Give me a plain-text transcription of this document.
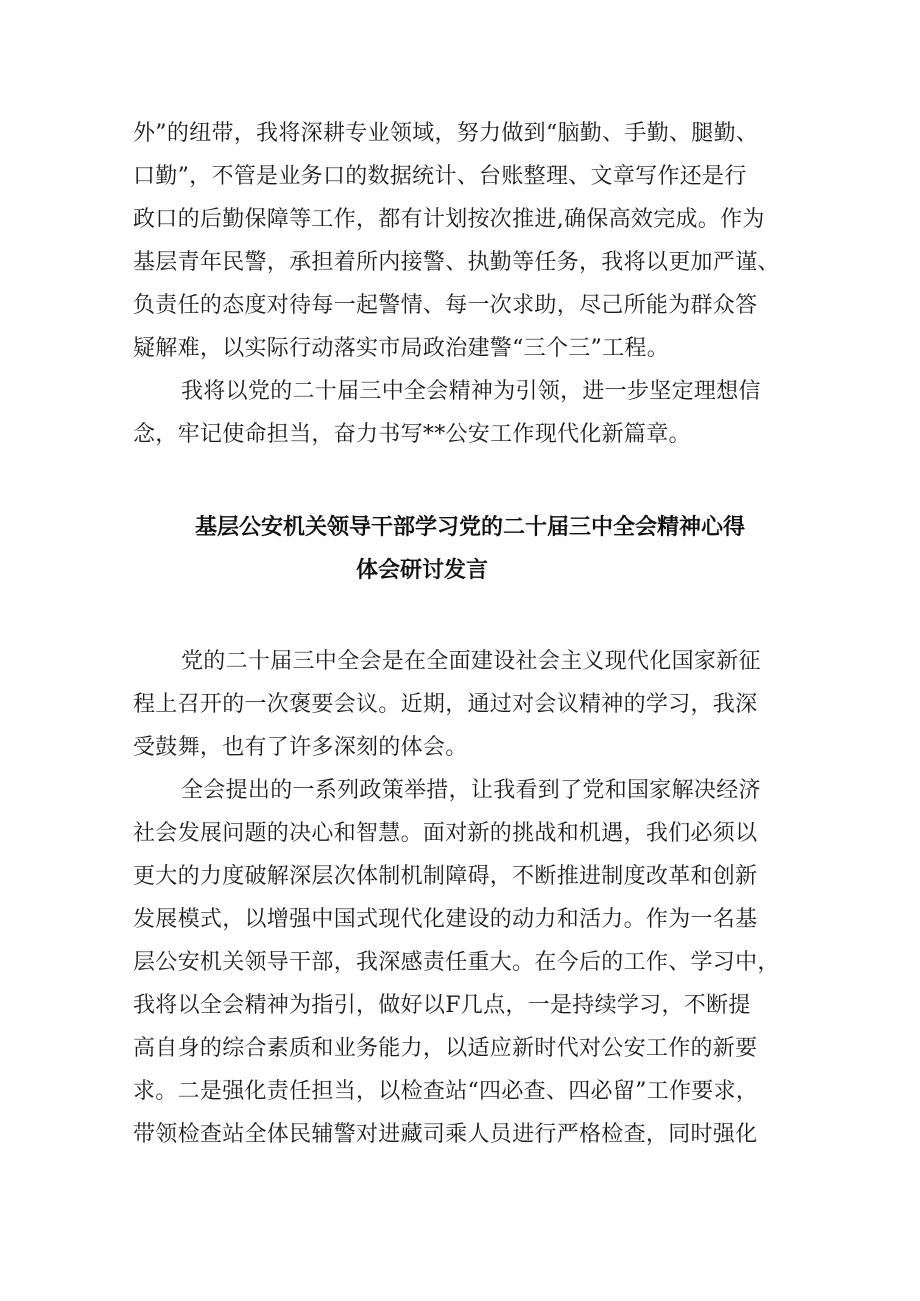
外”的纽带，我将深耕专业领域，努力做到“脑勤、手勤、腿勤、
口勤”，不管是业务口的数据统计、台账整理、文章写作还是行
政口的后勤保障等工作，都有计划按次推进,确保高效完成。作为
基层青年民警，承担着所内接警、执勤等任务，我将以更加严谨、
负责任的态度对待每一起警情、每一次求助，尽己所能为群众答
疑解难，以实际行动落实市局政治建警“三个三”工程。
我将以党的二十届三中全会精神为引领，进一步坚定理想信
念，牢记使命担当，奋力书写**公安工作现代化新篇章。
基层公安机关领导干部学习党的二十届三中全会精神心得
体会研讨发言
党的二十届三中全会是在全面建设社会主义现代化国家新征
程上召开的一次褒要会议。近期，通过对会议精神的学习，我深
受鼓舞，也有了许多深刻的体会。
全会提出的一系列政策举措，让我看到了党和国家解决经济
社会发展问题的决心和智慧。面对新的挑战和机遇，我们必须以
更大的力度破解深层次体制机制障碍，不断推进制度改革和创新
发展模式，以增强中国式现代化建设的动力和活力。作为一名基
层公安机关领导干部，我深感责任重大。在今后的工作、学习中，
我将以全会精神为指引，做好以F几点，一是持续学习，不断提
高自身的综合素质和业务能力，以适应新时代对公安工作的新要
求。二是强化责任担当，以检查站“四必查、四必留”工作要求，
带领检查站全体民辅警对进藏司乘人员进行严格检查，同时强化
